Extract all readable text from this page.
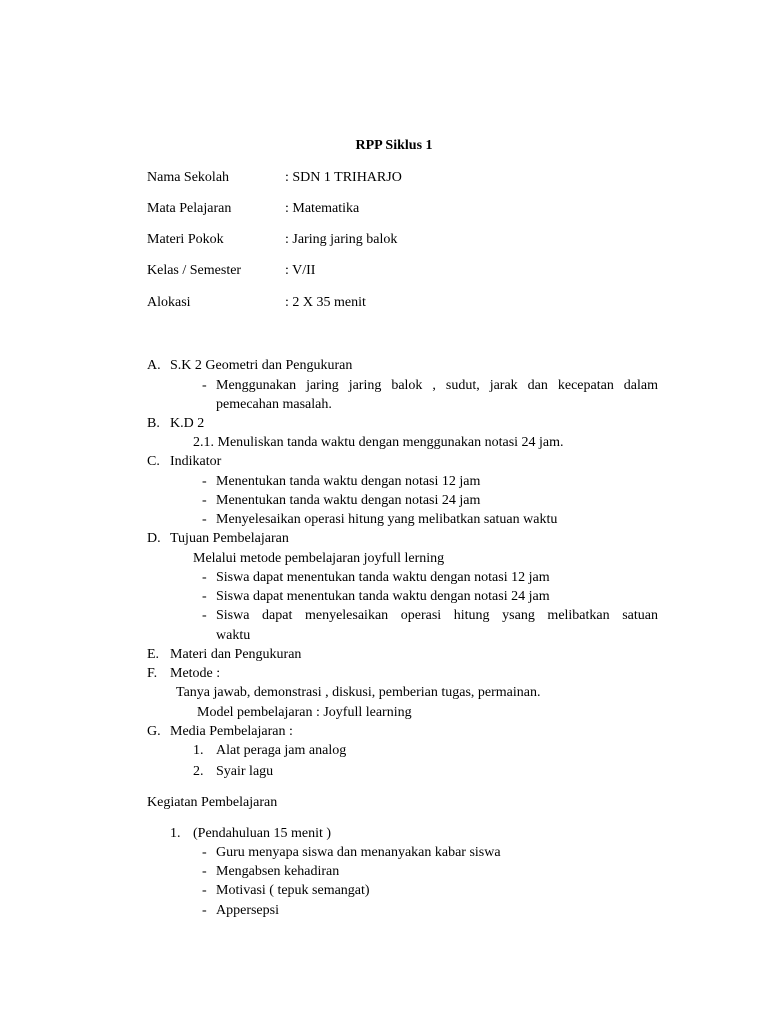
RPP Siklus 1
Nama Sekolah	: SDN 1 TRIHARJO
Mata Pelajaran	: Matematika
Materi Pokok	: Jaring jaring balok
Kelas / Semester	: V/II
Alokasi	: 2 X 35 menit
A. S.K 2 Geometri dan Pengukuran
- Menggunakan jaring jaring balok , sudut, jarak dan kecepatan dalam
pemecahan masalah.
B. K.D 2
2.1. Menuliskan tanda waktu dengan menggunakan notasi 24 jam.
C. Indikator
- Menentukan tanda waktu dengan notasi 12 jam
- Menentukan tanda waktu dengan notasi 24 jam
- Menyelesaikan operasi hitung yang melibatkan satuan waktu
D. Tujuan Pembelajaran
Melalui metode pembelajaran joyfull lerning
- Siswa dapat menentukan tanda waktu dengan notasi 12 jam
- Siswa dapat menentukan tanda waktu dengan notasi 24 jam
- Siswa dapat menyelesaikan operasi hitung ysang melibatkan satuan
waktu
E. Materi dan Pengukuran
F. Metode :
Tanya jawab, demonstrasi , diskusi, pemberian tugas, permainan.
Model pembelajaran : Joyfull learning
G. Media Pembelajaran :
1. Alat peraga jam analog
2. Syair lagu
Kegiatan Pembelajaran
1. (Pendahuluan 15 menit )
- Guru menyapa siswa dan menanyakan kabar siswa
- Mengabsen kehadiran
- Motivasi ( tepuk semangat)
- Appersepsi
